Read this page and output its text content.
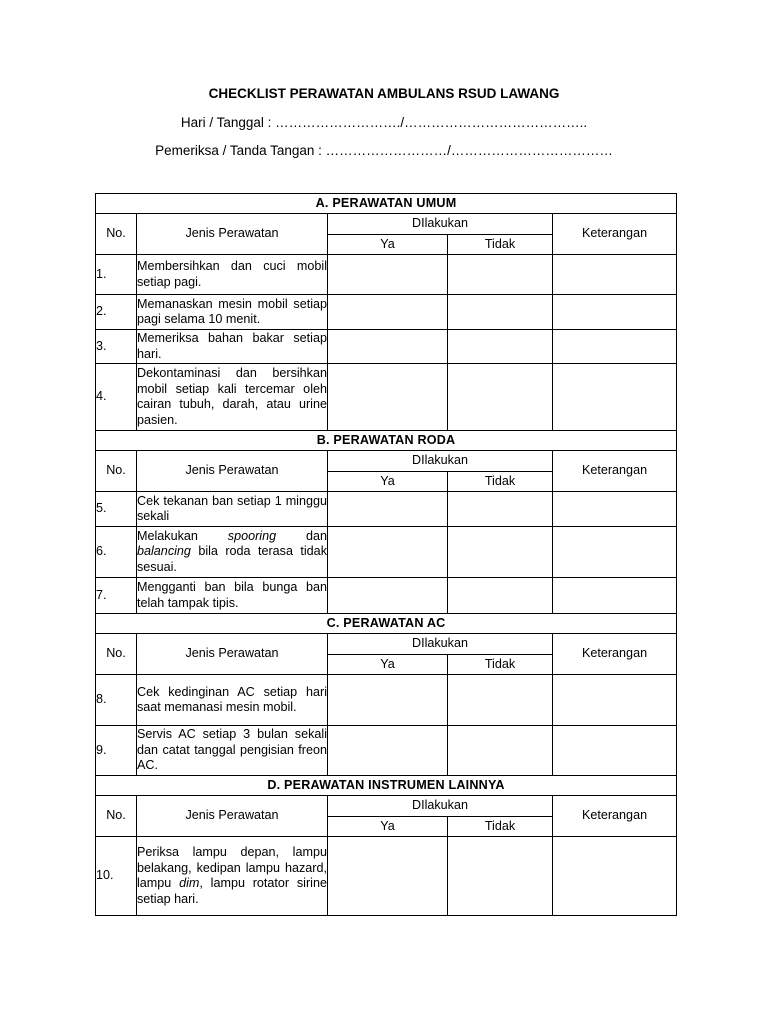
CHECKLIST PERAWATAN AMBULANS RSUD LAWANG
Hari / Tanggal : ………………………./…………………………………..
Pemeriksa / Tanda Tangan : ………………………/………………………………
A. PERAWATAN UMUM				
No.	Jenis Perawatan	DIlakukan		Keterangan
		Ya	Tidak	
1.	Membersihkan dan cuci mobil setiap pagi.			

2.	Memanaskan mesin mobil setiap pagi selama 10 menit.			

3.	Memeriksa bahan bakar setiap hari.			

4.	Dekontaminasi dan bersihkan mobil setiap kali tercemar oleh cairan tubuh, darah, atau urine pasien.			

B. PERAWATAN RODA				
No.	Jenis Perawatan	DIlakukan		Keterangan
		Ya	Tidak	
5.	Cek tekanan ban setiap 1 minggu sekali			

6.	Melakukan spooring dan balancing bila roda terasa tidak sesuai.			

7.	Mengganti ban bila bunga ban telah tampak tipis.			

C. PERAWATAN AC				
No.	Jenis Perawatan	DIlakukan		Keterangan
		Ya	Tidak	
8.	Cek kedinginan AC setiap hari saat memanasi mesin mobil.			

9.	Servis AC setiap 3 bulan sekali dan catat tanggal pengisian freon AC.			

D. PERAWATAN INSTRUMEN LAINNYA				
No.	Jenis Perawatan	DIlakukan		Keterangan
		Ya	Tidak	
10.	Periksa lampu depan, lampu belakang, kedipan lampu hazard, lampu dim, lampu rotator sirine setiap hari.			
